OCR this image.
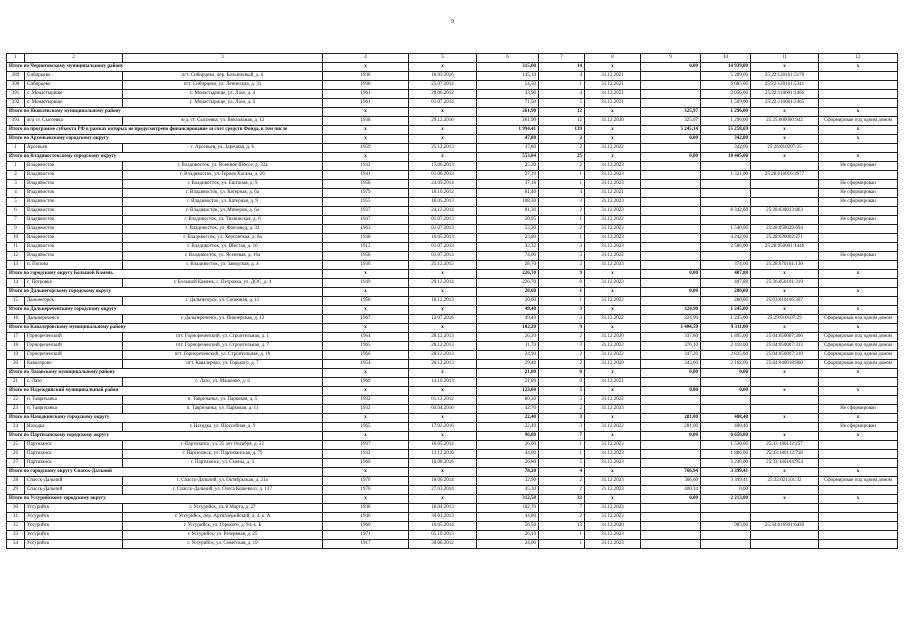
9
1	2	3	4	5	6	7	8	9	10	11	12
Итого по Черниговскому муниципальному району			x	x	315,00	14	x	0,00	14 939,00	x	x
389	Сибирцево	пгт. Сибирцево, пер. Больничный, д. 6	1938	10.03.2016	145,10	4	31.12.2021		5 289,00	25:22:120101:5170	
390	Сибирцево	пгт. Сибирцево, ул. Ленинская, д. 31	1938	25.07.2014	54,50	1	31.12.2021		6 085,00	25:22:120101:5341	
391	с. Монастырище	с. Монастырище, ул. Лазо, д. 4	1961	20.06.2012	43,90	4	31.12.2021		2 056,00	25:22:110601:3466	
392	с. Монастырище	с. Монастырище, ул. Лазо, д. 6	1961	01.07.2014	71,50	5	31.12.2021		1 509,00	25:22:110601:3465	
Итого по Яковлевскому муниципальному району			x	x	261,90	12	x	325,97	1 296,00	x	x
393	ж/д ст. Сысоевка	ж/д. ст. Сысоевка, ул. Вокзальная, д. 12	1938	29.12.2016	261,90	12	31.12.2020	325,97	1 296,00	25:25:000000:942	Сформирован под одним домом
Итого по программе субъекта РФ в рамках которых не предусмотрено финансирование за счет средств Фонда, в том числе			x	x	1 994,41	139	x	5 245,14	55 258,69	x	x
Итого по Арсеньевскому городскому округу			x	x	47,80	2	x	0,00	342,00	x	x
1	Арсеньев	г. Арсеньев, ул. Заречная, д. 6	1959	25.12.2013	47,80	2	31.12.2022		342,00	25:26:010207:35	
Итого по Владивостокскому городскому округу			x	x	553,84	25	x	0,00	18 405,00	x	x
1	Владивосток	г. Владивосток, ул. Военное Шоссе, д. 32а	1932	17.06.2013	25,20	2	31.12.2023				Не сформирован
2	Владивосток	г. Владивосток, ул. Героев Хасана, д. 26	1941	01.06.2013	27,39	1	31.12.2023		1 321,00	25:28:010016:3977	
3	Владивосток	г. Владивосток, ул. Ештчная, д. 9	1958	24.09.2014	37,18	1	31.12.2023				Не сформирован
4	Владивосток	г. Владивосток, ул. Катерная, д. 6а	1979	18.10.2012	81,40	4	31.12.2021				Не сформирован
5	Владивосток	г. Владивосток, ул. Катерная, д. 9	1955	16.05.2013	108,30	3	31.12.2023				Не сформирован
6	Владивосток	г. Владивосток, ул. Минеров, д. 6а	1937	24.12.2014	81,30	2	31.12.2023		8 342,00	25:28:030013:863	
7	Владивосток	г. Владивосток, ул. Тихвинская, д. 6	1947	01.07.2013	20,95	1	31.12.2022				Не сформирован
9	Владивосток	г. Владивосток, ул. Фанзавод, д. 32	1963	01.07.2013	53,20	2	31.12.2023		1 540,00	25:28:050029:694	
10	Владивосток	г. Владивосток, ул. Херсонская, д. 8а	1938	16.05.2013	23,80	1	31.12.2023		4 242,00	25:28:030002:271	
11	Владивосток	г. Владивосток, ул. Шестая, д. 10	1912	01.07.2013	33,32	3	31.12.2023		2 586,00	25:28:050001:1446	
12	Владивосток	г. Владивосток, ул. Ясеневая, д. 16а	1958	01.07.2013	74,00	3	31.12.2022				Не сформирован
13	п. Попова	г. Владивосток, ул. Заводская, д. 4	1936	25.12.2015	28,70	2	31.12.2023		374,00	25:28:070101:130	
Итого по городскому округу Большой Камень			x	x	226,70	9	x	0,00	407,88	x	x
14	с. Петровка	г. Большой Камень, с. Петровка, ул. ДОС, д. 4	1949	29.12.2014	226,70	9	31.12.2023		407,88	25:36:050101:319	
Итого по Дальнегорскому городскому округу			x	x	20,60	1	x	0,00	280,00	x	x
15	Дальнегорск	г. Дальнегорск, ул. Сопочная, д. 11	1958	10.12.2013	20,60	1	31.12.2022		280,00	25:03:010106:307	
Итого по Дальнереченскому городскому округу			x	x	49,40	3	x	324,90	1 245,00	x	x
16	Дальнереченск	г. Дальнереченск, ул. Пионерская, д. 13	1967	13.07.2016	49,40	3	31.12.2022	324,90	1 245,00	25:29:010107:29	Сформирован под одним домом
Итого по Кавалеровскому муниципальному району			x	x	102,20	9	x	1 404,50	9 311,00	x	x
17	Горнореченский	пгт. Горнореченский, ул. Строительная, д. 1	1964	28.12.2013	26,20	2	31.12.2020	337,60	1 895,00	25:04:050007:306	Сформирован под одним домом
18	Горнореченский	пгт. Горнореченский, ул. Строительная, д. 7	1965	28.12.2013	11,70	3	31.12.2022	376,10	2 418,00	25:04:050007:313	Сформирован под одним домом
19	Горнореченский	пгт. Горнореченский, ул. Строительная, д. 10	1966	28.12.2013	24,90	2	31.12.2022	347,20	2 835,00	25:04:050007:310	Сформирован под одним домом
20	Кавалерово	пгт. Кавалерово, ул. Горького, д. 7	1954	28.12.2013	39,40	2	31.12.2020	343,60	2 163,00	25:04:040018:860	Сформирован под одним домом
Итого по Лазовскому муниципальному району			x	x	21,80	0	x	0,00	0,00	x	x
21	с. Лазо	с. Лазо, ул. Машенко, д. 6	1969	14.10.2013	21,80	0	31.12.2021				
Итого по Надеждинский муниципальный район			x	x	123,00	5	x	0,00	0,00	x	x
22	п. Тавричанка	п. Тавричанка, ул. Парковая, д. 5	1932	01.12.2012	80,30	3	31.12.2022				
23	п. Тавричанка	п. Тавричанка, ул. Парковая, д. 11	1932	04.04.2016	42,70	2	31.12.2023				Не сформирован
Итого по Находкинскому городскому округу			x	x	22,40	3	x	281,00	408,40	x	x
24	Находка	г. Находка, ул. Шоссейная, д. 9	1965	17.02.2016	22,40	3	31.12.2022	281,00	408,40		Не сформирован
Итого по Партизанскому городскому округу			x	x	96,80	7	x	0,00	6 656,00	x	x
25	Партизанск	г. Партизанск, ул. 25 лет Октября, д. 22	1937	16.05.2014	26,00	1	31.12.2023		1 530,00	25:33:180112:257	
26	Партизанск	г. Партизанск, ул. Партизанская, д. 79	1932	13.12.2016	44,00	1	31.12.2023		1 886,00	25:33:180112:718	
27	Партизанск	г. Партизанск, ул. Смены, д. 3	1960	10.08.2016	26,80	5	31.12.2023		3 240,00	25:33:180104:954	
Итого по городскому округу Спасск-Дальний			x	x	78,20	4	x	766,94	3 399,41	x	x
28	Спасск-Дальний	г. Спасск-Дальний, ул. Октябрьская, д. 21а	1976	18.06.2014	32,90	2	31.12.2023	366,60	3 399,41	25:32:021101:32	Сформирован под одним домом
29	Спасск-Дальний	г. Спасск-Дальний, ул. Олега Кошевого, д. 137	1976	27.03.2014	45,30	2	31.12.2023	400,34	0,00		
Итого по Уссурийскому городскому округу			x	x	312,50	33	x	0,00	2 213,00	x	x
30	Уссурийск	г. Уссурийск, ул. 8 Марта, д. 27	1938	18.04.2013	102,70	7	31.12.2023				
31	Уссурийск	г. Уссурийск, пер. Артиллерийский, д. 4, к. А	1946	30.01.2013	44,80	2	31.12.2023				
32	Уссурийск	г. Уссурийск, ул. Горького, д. 94, к. Б	1960	16.05.2014	56,50	13	31.12.2020		985,00	25:34:016901:6430	
33	Уссурийск	г. Уссурийск, ул. Резервная, д. 25	1971	05.10.2015	26,10	1	31.12.2023				
34	Уссурийск	г. Уссурийск, ул. Советская, д. 19	1917	30.08.2012	24,00	1	31.12.2023				
